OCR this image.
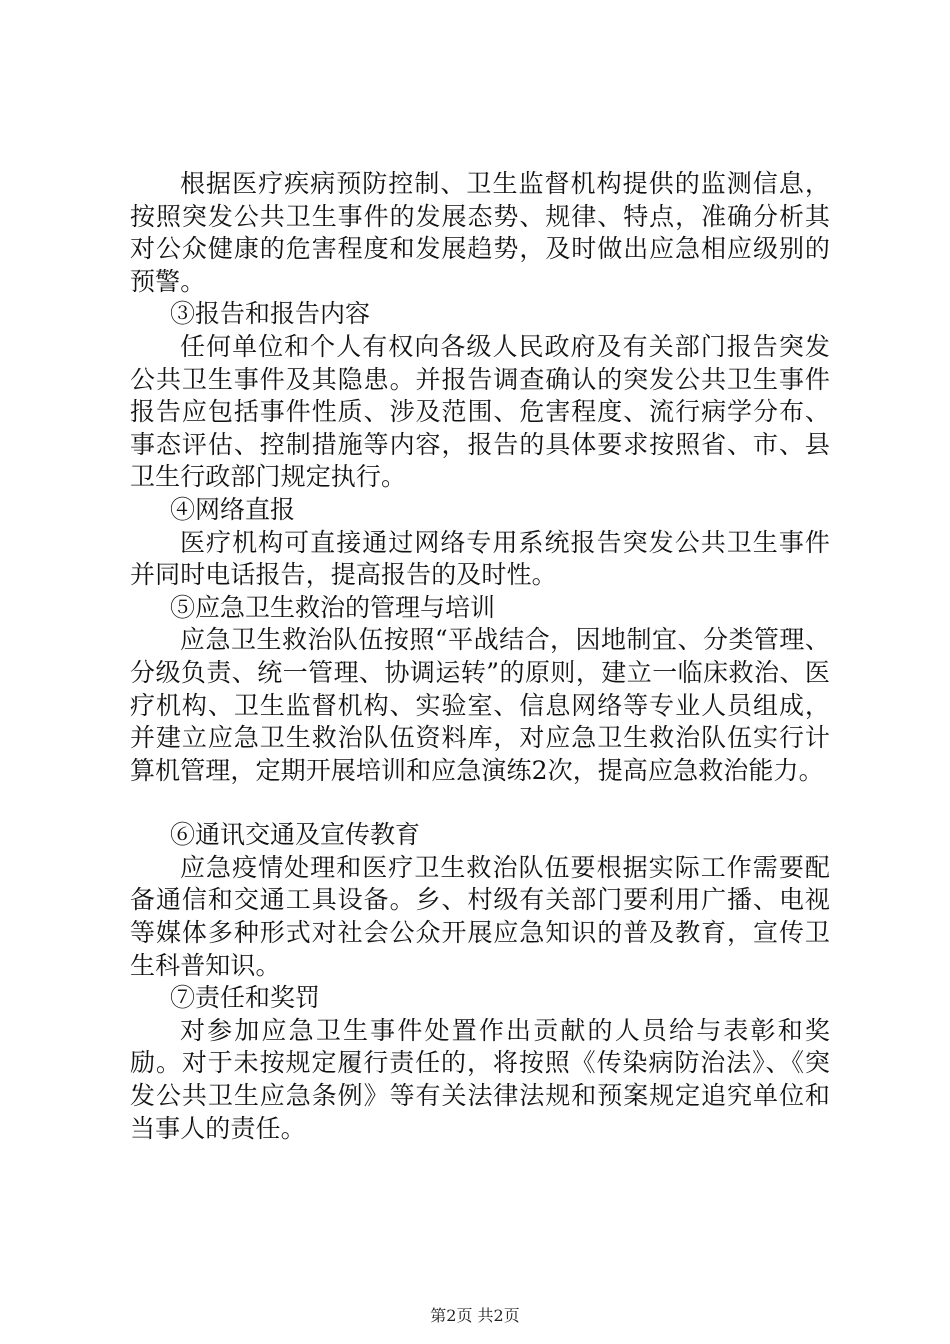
根据医疗疾病预防控制、卫生监督机构提供的监测信息，按照突发公共卫生事件的发展态势、规律、特点，准确分析其对公众健康的危害程度和发展趋势，及时做出应急相应级别的预警。

③报告和报告内容

任何单位和个人有权向各级人民政府及有关部门报告突发公共卫生事件及其隐患。并报告调查确认的突发公共卫生事件报告应包括事件性质、涉及范围、危害程度、流行病学分布、事态评估、控制措施等内容，报告的具体要求按照省、市、县卫生行政部门规定执行。

④网络直报

医疗机构可直接通过网络专用系统报告突发公共卫生事件并同时电话报告，提高报告的及时性。

⑤应急卫生救治的管理与培训

应急卫生救治队伍按照“平战结合，因地制宜、分类管理、分级负责、统一管理、协调运转”的原则，建立一临床救治、医疗机构、卫生监督机构、实验室、信息网络等专业人员组成，并建立应急卫生救治队伍资料库，对应急卫生救治队伍实行计算机管理，定期开展培训和应急演练2次，提高应急救治能力。

⑥通讯交通及宣传教育

应急疫情处理和医疗卫生救治队伍要根据实际工作需要配备通信和交通工具设备。乡、村级有关部门要利用广播、电视等媒体多种形式对社会公众开展应急知识的普及教育，宣传卫生科普知识。

⑦责任和奖罚

对参加应急卫生事件处置作出贡献的人员给与表彰和奖励。对于未按规定履行责任的，将按照《传染病防治法》、《突发公共卫生应急条例》等有关法律法规和预案规定追究单位和当事人的责任。

第2页 共2页
